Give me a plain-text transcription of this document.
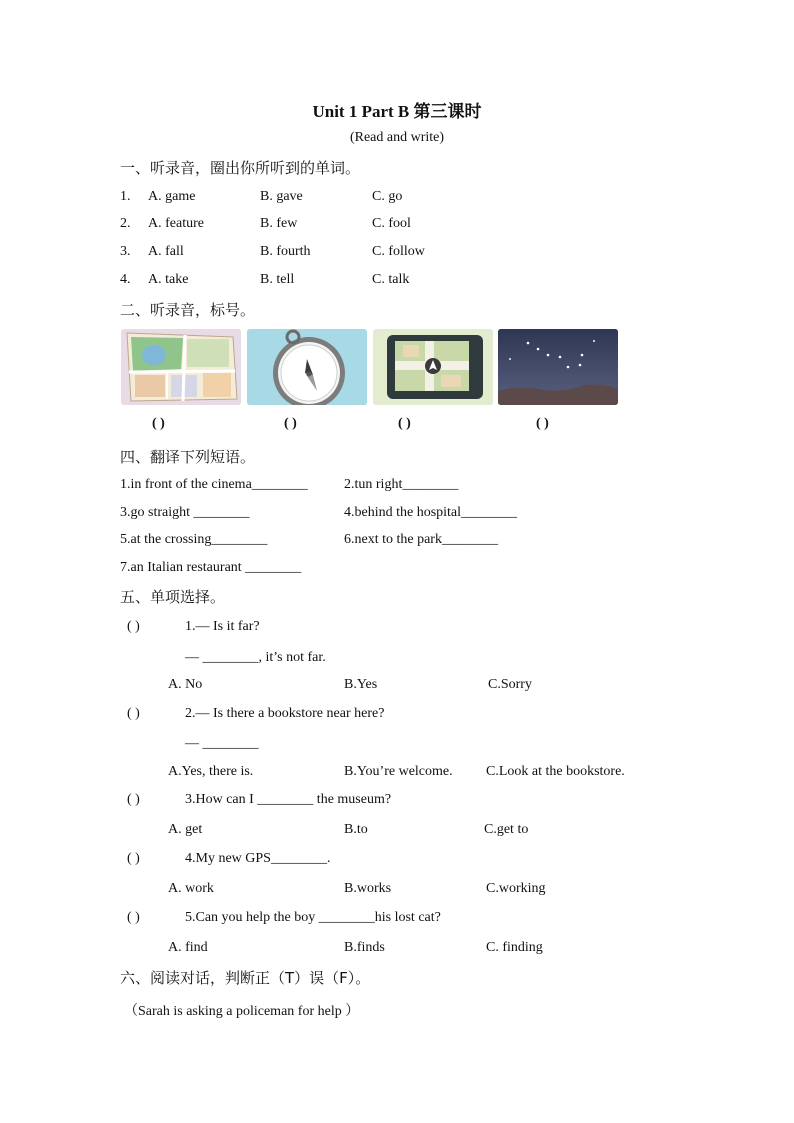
Unit 1 Part B 第三课时
(Read and write)
一、听录音，圈出你所听到的单词。
1. A. game	B. gave	C. go
2. A. feature	B. few	C. fool
3. A. fall	B. fourth	C. follow
4. A. take	B. tell	C. talk
二、听录音，标号。
( )	( )	( )	( )
四、翻译下列短语。
1.in front of the cinema________	2.tun right________
3.go straight ________	4.behind the hospital________
5.at the crossing________	6.next to the park________
7.an Italian restaurant ________
五、单项选择。
( )	1.— Is it far?
— ________, it’s not far.
A. No	B.Yes	C.Sorry
( )	2.— Is there a bookstore near here?
— ________
A.Yes, there is.	B.You’re welcome. C.Look at the bookstore.
( )	3.How can I ________ the museum?
A. get	B.to	C.get to
( )	4.My new GPS________.
A. work	B.works	C.working
( )	5.Can you help the boy ________his lost cat?
A. find	B.finds	C. finding
六、阅读对话，判断正（T）误（F）。
（Sarah is asking a policeman for help ）
